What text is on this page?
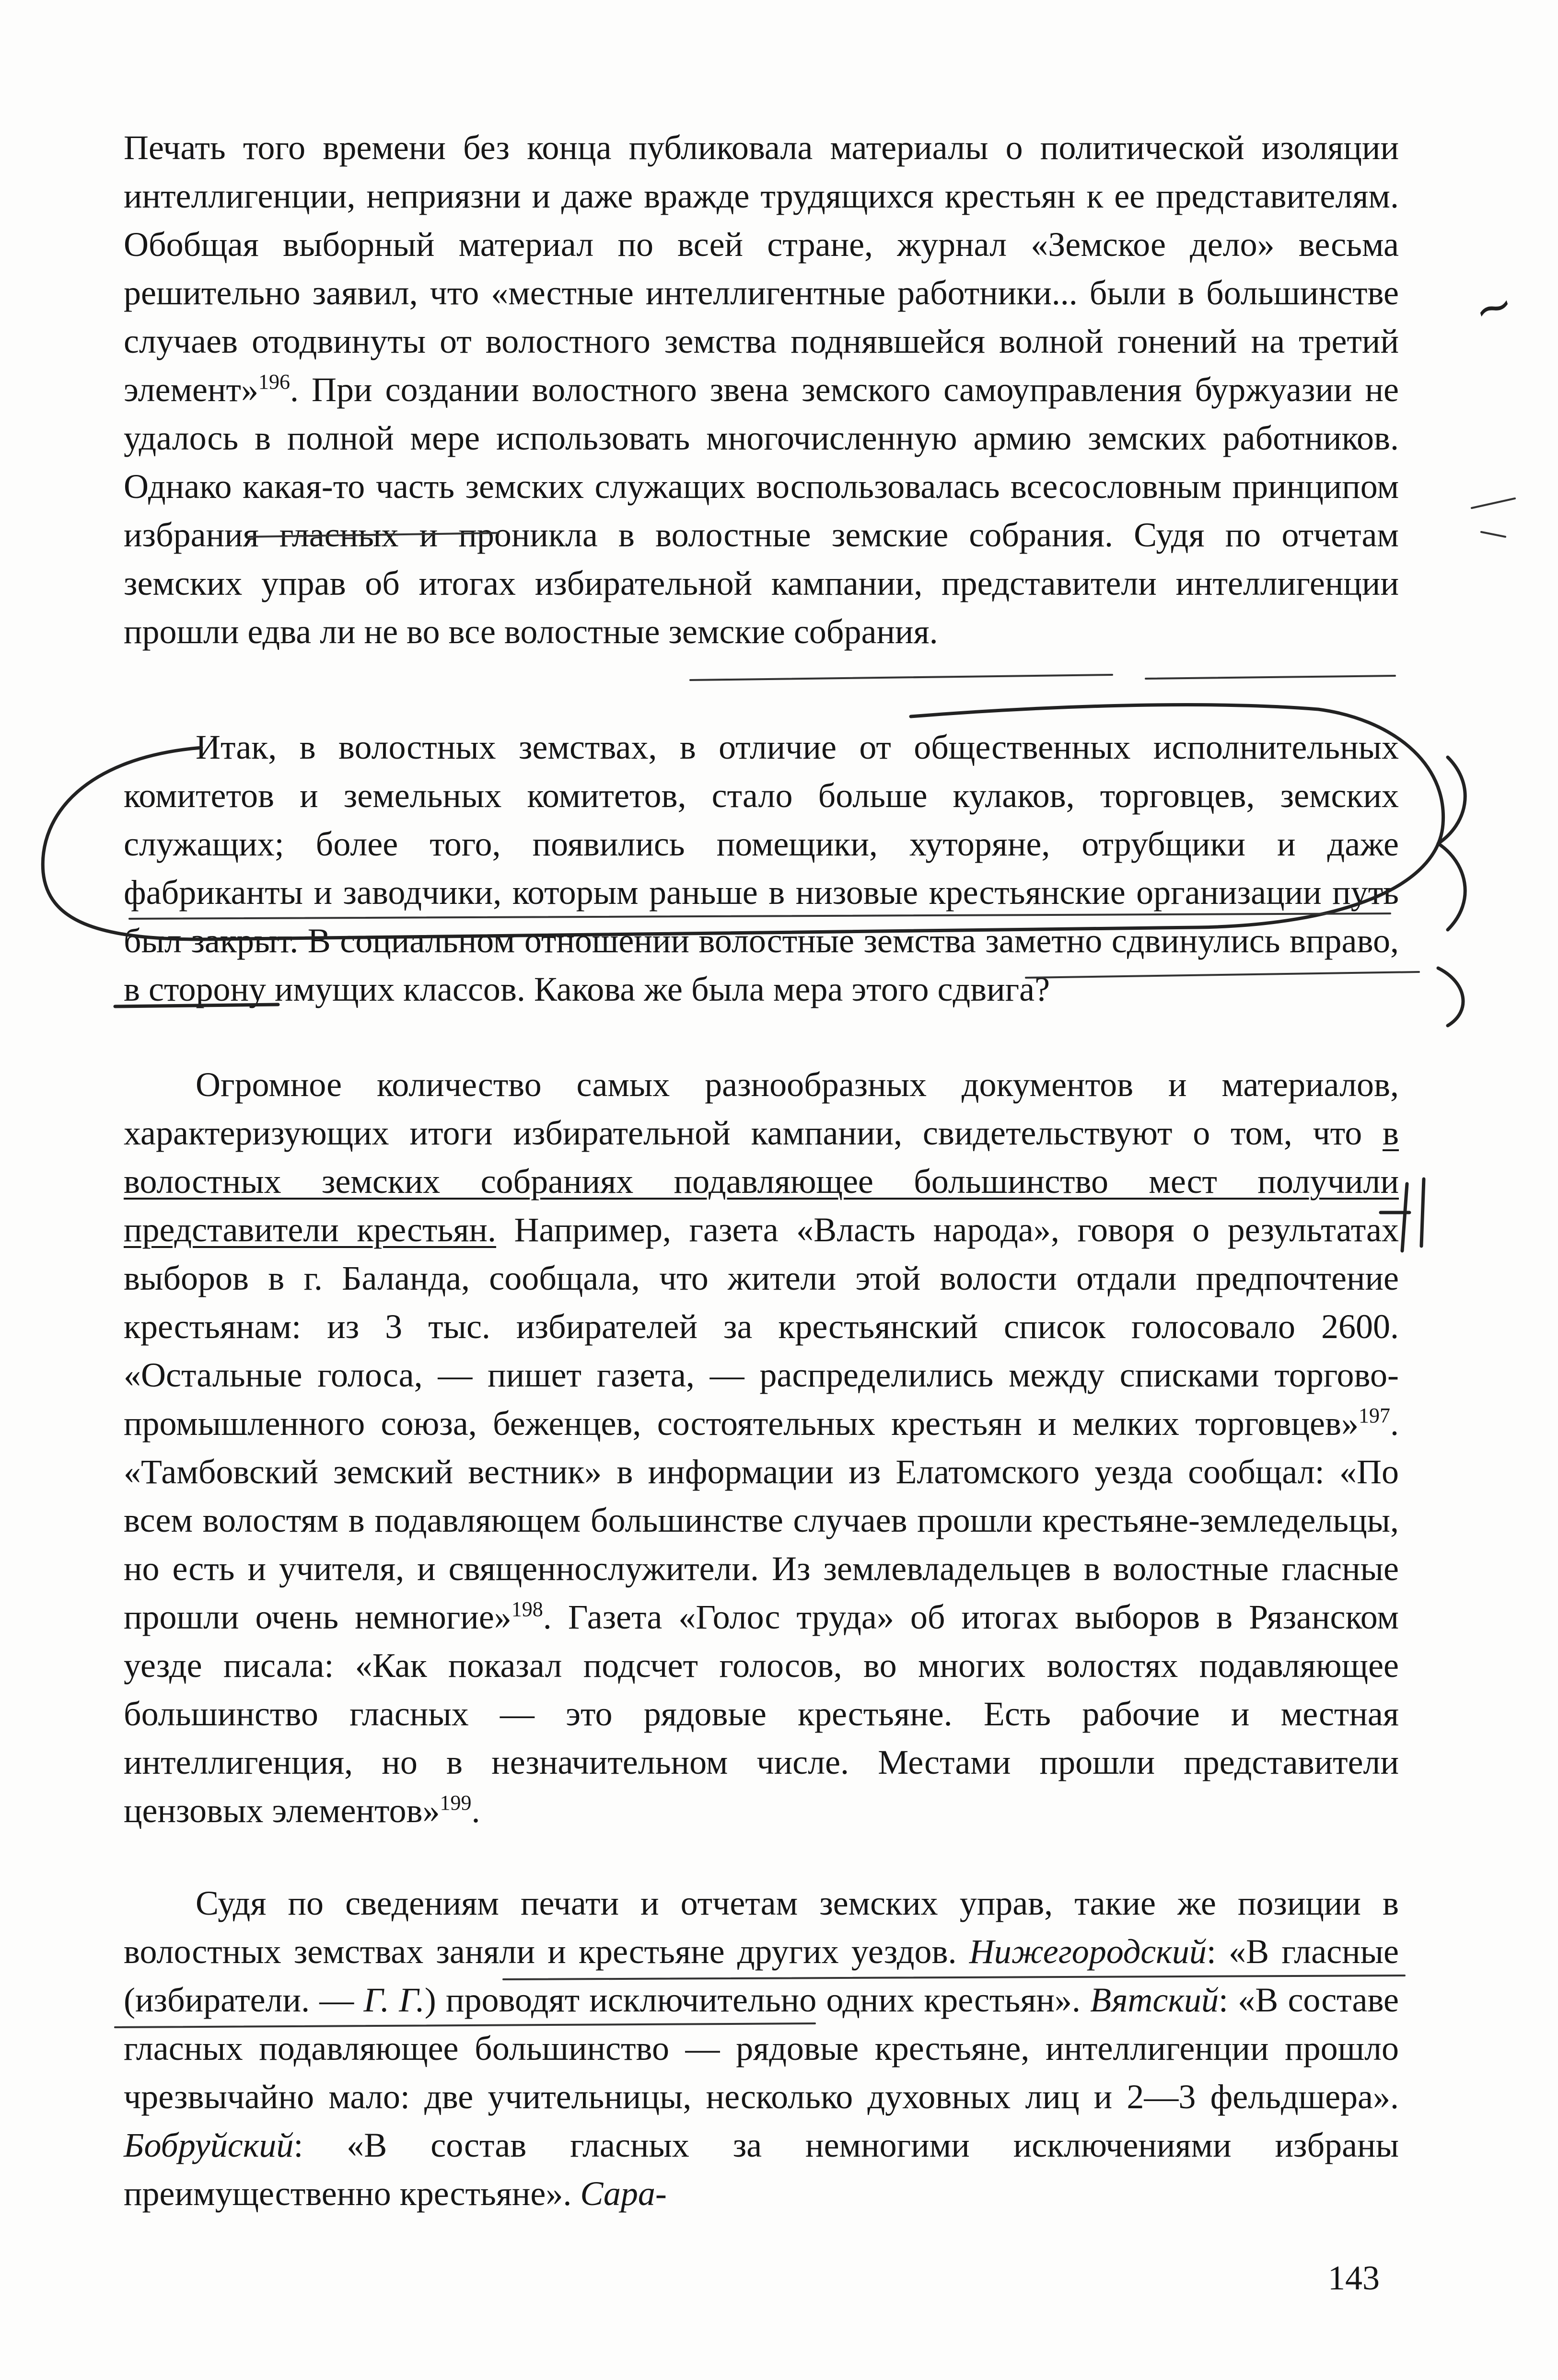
Печать того времени без конца публиковала материалы о политической изоляции интеллигенции, неприязни и даже вражде трудящихся крестьян к ее представителям. Обобщая выборный материал по всей стране, журнал «Земское дело» весьма решительно заявил, что «местные интеллигентные работники... были в большинстве случаев отодвинуты от волостного земства поднявшейся волной гонений на третий элемент»$^{196}$. При создании волостного звена земского самоуправления буржуазии не удалось в полной мере использовать многочисленную армию земских работников. Однако какая-то часть земских служащих воспользовалась всесословным принципом избрания гласных и проникла в волостные земские собрания. Судя по отчетам земских управ об итогах избирательной кампании, представители интеллигенции прошли едва ли не во все волостные земские собрания.

Итак, в волостных земствах, в отличие от общественных исполнительных комитетов и земельных комитетов, стало больше кулаков, торговцев, земских служащих; более того, появились помещики, хуторяне, отрубщики и даже фабриканты и заводчики, которым раньше в низовые крестьянские организации путь был закрыт. В социальном отношении волостные земства заметно сдвинулись вправо, в сторону имущих классов. Какова же была мера этого сдвига?

Огромное количество самых разнообразных документов и материалов, характеризующих итоги избирательной кампании, свидетельствуют о том, что в волостных земских собраниях подавляющее большинство мест получили представители крестьян. Например, газета «Власть народа», говоря о результатах выборов в г. Баланда, сообщала, что жители этой волости отдали предпочтение крестьянам: из 3 тыс. избирателей за крестьянский список голосовало 2600. «Остальные голоса, — пишет газета, — распределились между списками торгово-промышленного союза, беженцев, состоятельных крестьян и мелких торговцев»$^{197}$. «Тамбовский земский вестник» в информации из Елатомского уезда сообщал: «По всем волостям в подавляющем большинстве случаев прошли крестьяне-земледельцы, но есть и учителя, и священнослужители. Из землевладельцев в волостные гласные прошли очень немногие»$^{198}$. Газета «Голос труда» об итогах выборов в Рязанском уезде писала: «Как показал подсчет голосов, во многих волостях подавляющее большинство гласных — это рядовые крестьяне. Есть рабочие и местная интеллигенция, но в незначительном числе. Местами прошли представители цензовых элементов»$^{199}$.

Судя по сведениям печати и отчетам земских управ, такие же позиции в волостных земствах заняли и крестьяне других уездов. Нижегородский: «В гласные (избиратели. — Г. Г.) проводят исключительно одних крестьян». Вятский: «В составе гласных подавляющее большинство — рядовые крестьяне, интеллигенции прошло чрезвычайно мало: две учительницы, несколько духовных лиц и 2—3 фельдшера». Бобруйский: «В состав гласных за немногими исключениями избраны преимущественно крестьяне». Сара-

143
~
